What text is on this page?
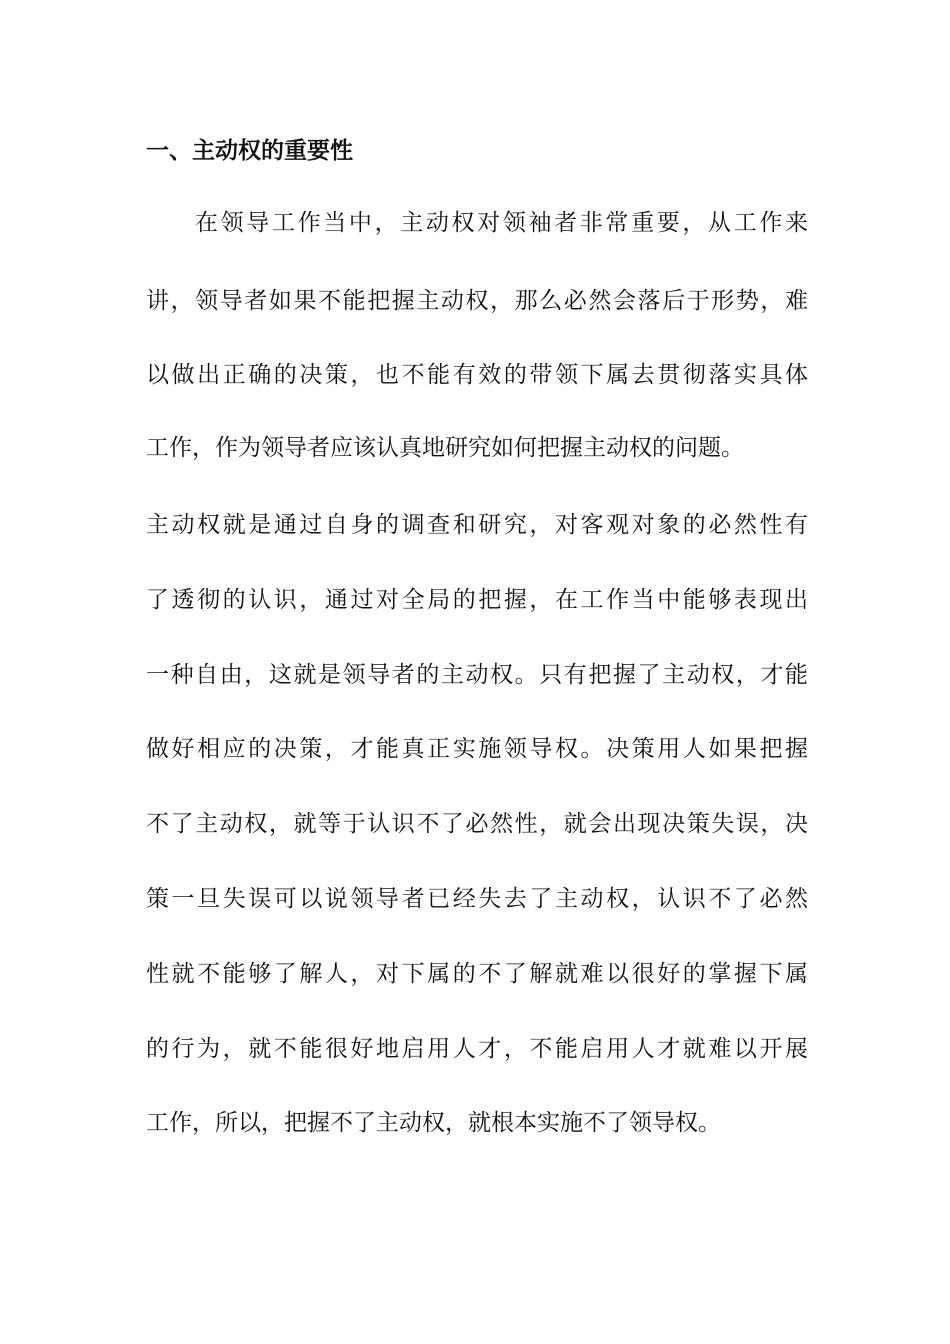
一、主动权的重要性
在领导工作当中，主动权对领袖者非常重要，从工作来
讲，领导者如果不能把握主动权，那么必然会落后于形势，难
以做出正确的决策，也不能有效的带领下属去贯彻落实具体
工作，作为领导者应该认真地研究如何把握主动权的问题。
主动权就是通过自身的调查和研究，对客观对象的必然性有
了透彻的认识，通过对全局的把握，在工作当中能够表现出
一种自由，这就是领导者的主动权。只有把握了主动权，才能
做好相应的决策，才能真正实施领导权。决策用人如果把握
不了主动权，就等于认识不了必然性，就会出现决策失误，决
策一旦失误可以说领导者已经失去了主动权，认识不了必然
性就不能够了解人，对下属的不了解就难以很好的掌握下属
的行为，就不能很好地启用人才，不能启用人才就难以开展
工作，所以，把握不了主动权，就根本实施不了领导权。
